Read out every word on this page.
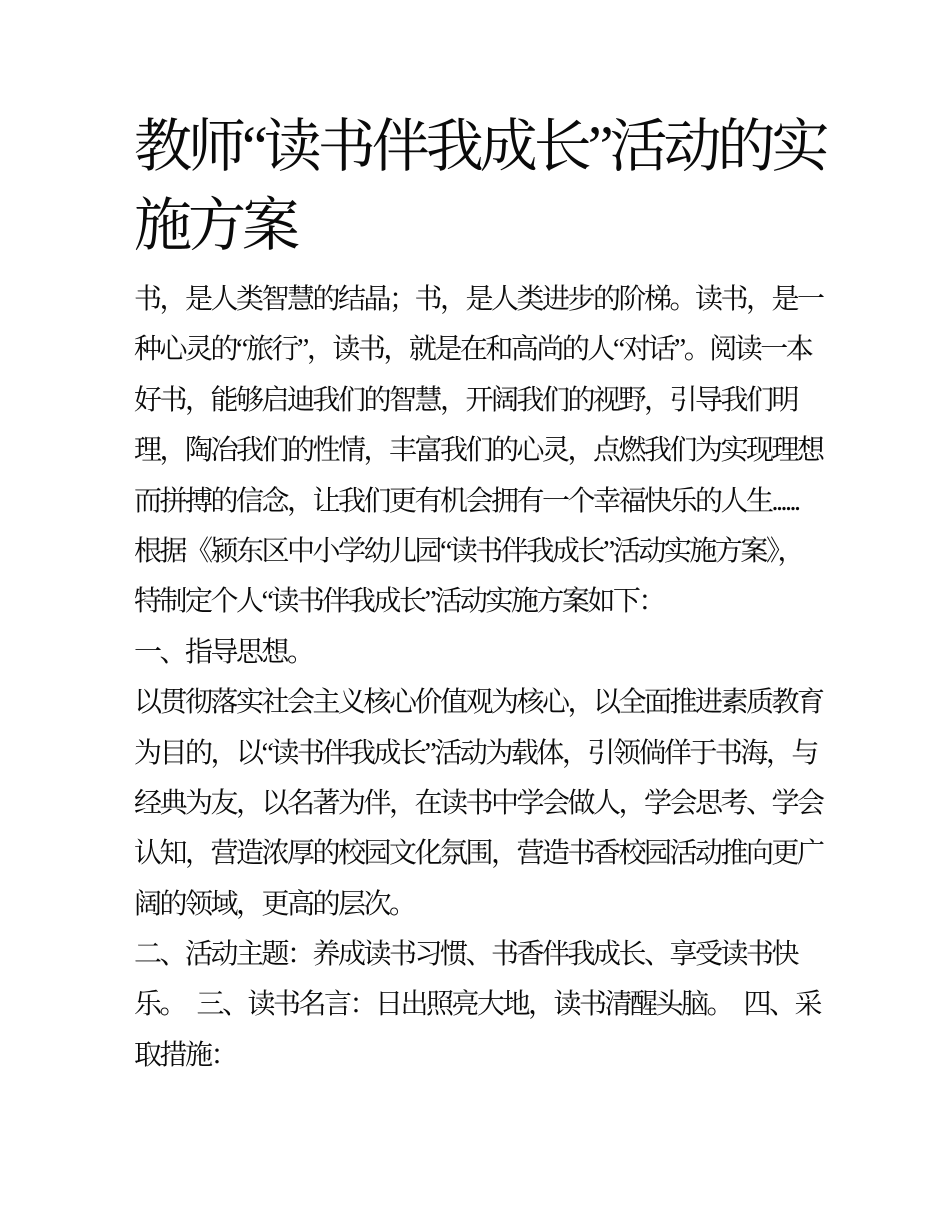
教师“读书伴我成长”活动的实
施方案
书，是人类智慧的结晶；书，是人类进步的阶梯。读书，是一
种心灵的“旅行”，读书，就是在和高尚的人“对话”。阅读一本
好书，能够启迪我们的智慧，开阔我们的视野，引导我们明
理，陶冶我们的性情，丰富我们的心灵，点燃我们为实现理想
而拼搏的信念，让我们更有机会拥有一个幸福快乐的人生......
根据《颍东区中小学幼儿园“读书伴我成长”活动实施方案》，
特制定个人“读书伴我成长”活动实施方案如下：
一、指导思想。
以贯彻落实社会主义核心价值观为核心，以全面推进素质教育
为目的，以“读书伴我成长”活动为载体，引领倘佯于书海，与
经典为友，以名著为伴，在读书中学会做人，学会思考、学会
认知，营造浓厚的校园文化氛围，营造书香校园活动推向更广
阔的领域，更高的层次。
二、活动主题：养成读书习惯、书香伴我成长、享受读书快
乐。　三、读书名言：日出照亮大地，读书清醒头脑。　四、采
取措施：
